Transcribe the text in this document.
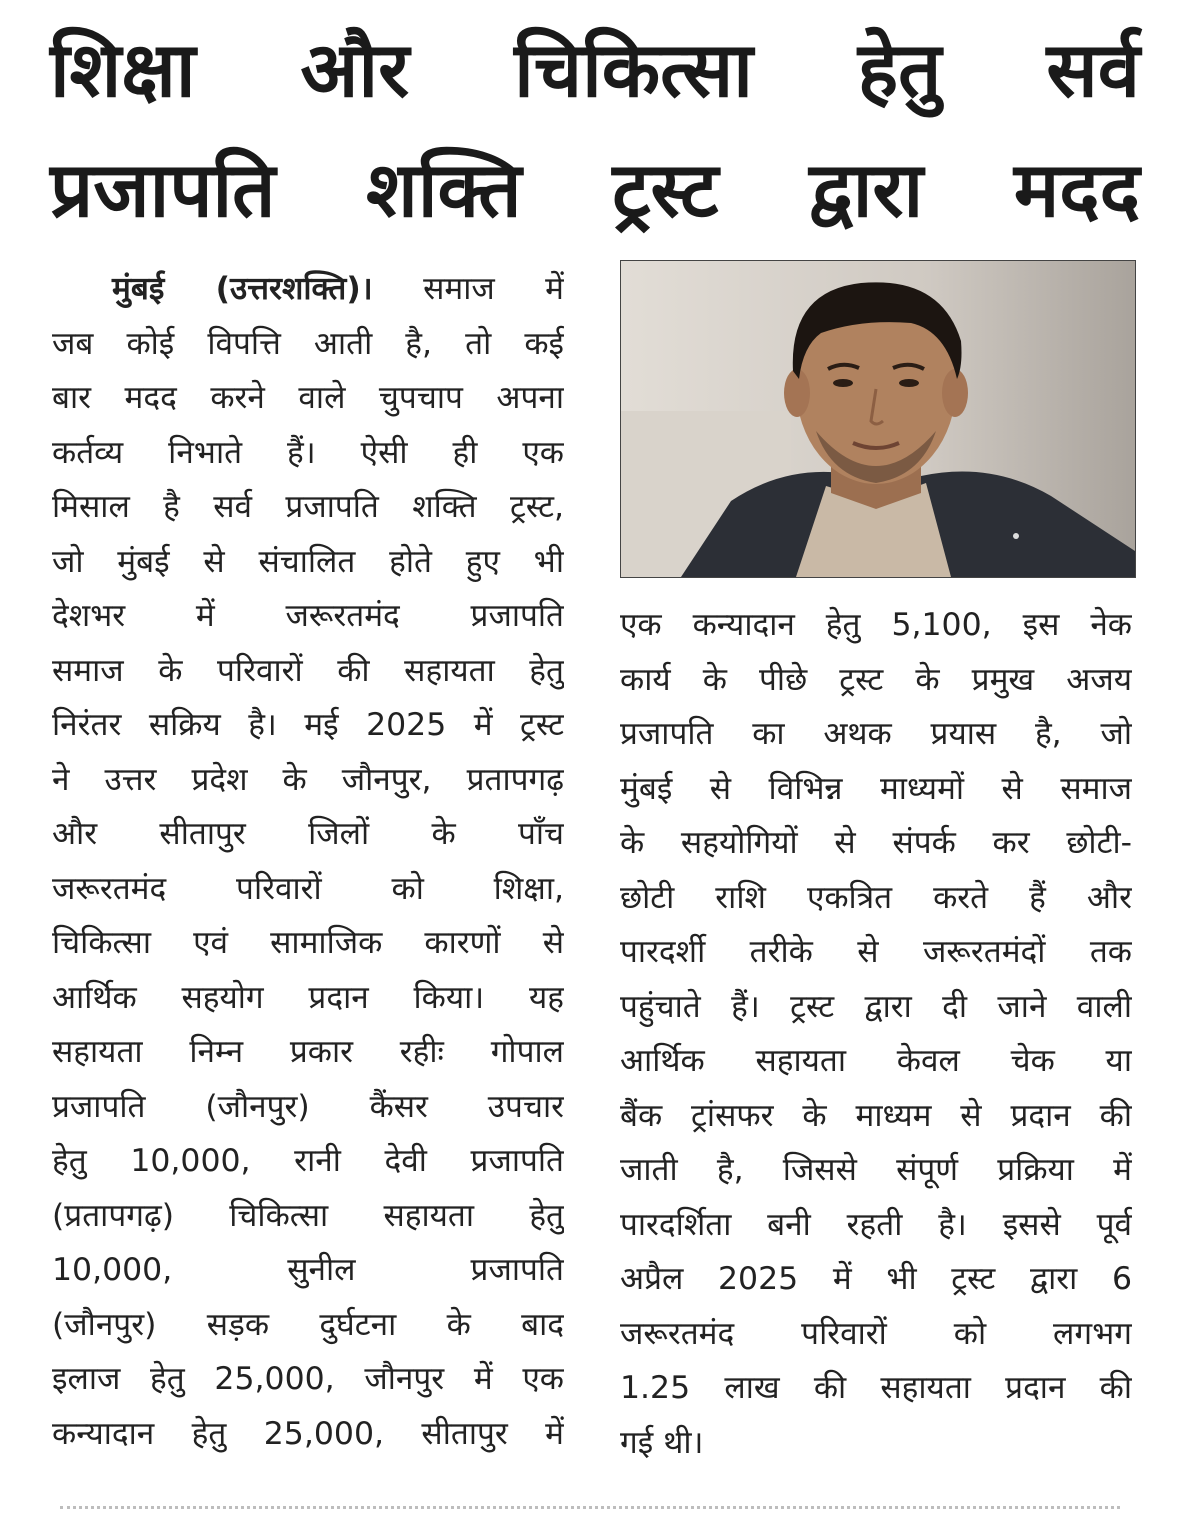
शिक्षा और चिकित्सा हेतु सर्व
प्रजापति शक्ति ट्रस्ट द्वारा मदद
मुंबई (उत्तरशक्ति)। समाज में
जब कोई विपत्ति आती है, तो कई
बार मदद करने वाले चुपचाप अपना
कर्तव्य निभाते हैं। ऐसी ही एक
मिसाल है सर्व प्रजापति शक्ति ट्रस्ट,
जो मुंबई से संचालित होते हुए भी
देशभर में जरूरतमंद प्रजापति
समाज के परिवारों की सहायता हेतु
निरंतर सक्रिय है। मई 2025 में ट्रस्ट
ने उत्तर प्रदेश के जौनपुर, प्रतापगढ़
और सीतापुर जिलों के पाँच
जरूरतमंद परिवारों को शिक्षा,
चिकित्सा एवं सामाजिक कारणों से
आर्थिक सहयोग प्रदान किया। यह
सहायता निम्न प्रकार रहीः गोपाल
प्रजापति (जौनपुर) कैंसर उपचार
हेतु 10,000, रानी देवी प्रजापति
(प्रतापगढ़) चिकित्सा सहायता हेतु
10,000, सुनील प्रजापति
(जौनपुर) सड़क दुर्घटना के बाद
इलाज हेतु 25,000, जौनपुर में एक
कन्यादान हेतु 25,000, सीतापुर में
एक कन्यादान हेतु 5,100, इस नेक
कार्य के पीछे ट्रस्ट के प्रमुख अजय
प्रजापति का अथक प्रयास है, जो
मुंबई से विभिन्न माध्यमों से समाज
के सहयोगियों से संपर्क कर छोटी-
छोटी राशि एकत्रित करते हैं और
पारदर्शी तरीके से जरूरतमंदों तक
पहुंचाते हैं। ट्रस्ट द्वारा दी जाने वाली
आर्थिक सहायता केवल चेक या
बैंक ट्रांसफर के माध्यम से प्रदान की
जाती है, जिससे संपूर्ण प्रक्रिया में
पारदर्शिता बनी रहती है। इससे पूर्व
अप्रैल 2025 में भी ट्रस्ट द्वारा 6
जरूरतमंद परिवारों को लगभग
1.25 लाख की सहायता प्रदान की
गई थी।
